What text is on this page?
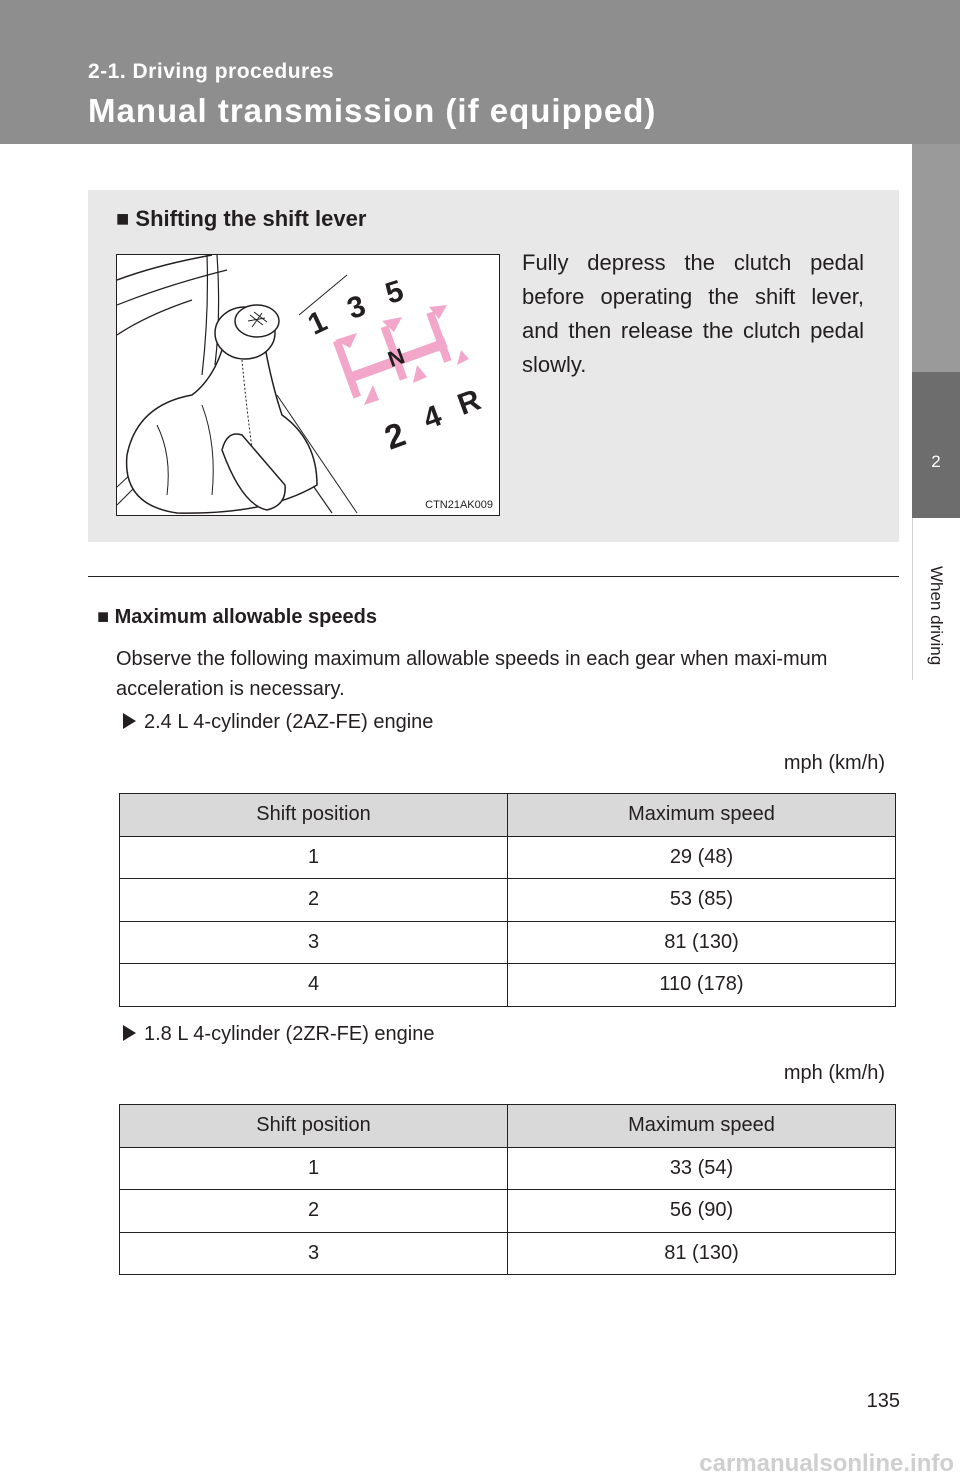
2-1. Driving procedures
Manual transmission (if equipped)
2
When driving
■ Shifting the shift lever
1 3 5
N
2 4 R
CTN21AK009
Fully depress the clutch pedal before operating the shift lever, and then release the clutch pedal slowly.
■ Maximum allowable speeds
Observe the following maximum allowable speeds in each gear when maxi-mum acceleration is necessary.
2.4 L 4-cylinder (2AZ-FE) engine
mph (km/h)
Shift position	Maximum speed
1	29 (48)
2	53 (85)
3	81 (130)
4	110 (178)
1.8 L 4-cylinder (2ZR-FE) engine
mph (km/h)
Shift position	Maximum speed
1	33 (54)
2	56 (90)
3	81 (130)
135
carmanualsonline.info
